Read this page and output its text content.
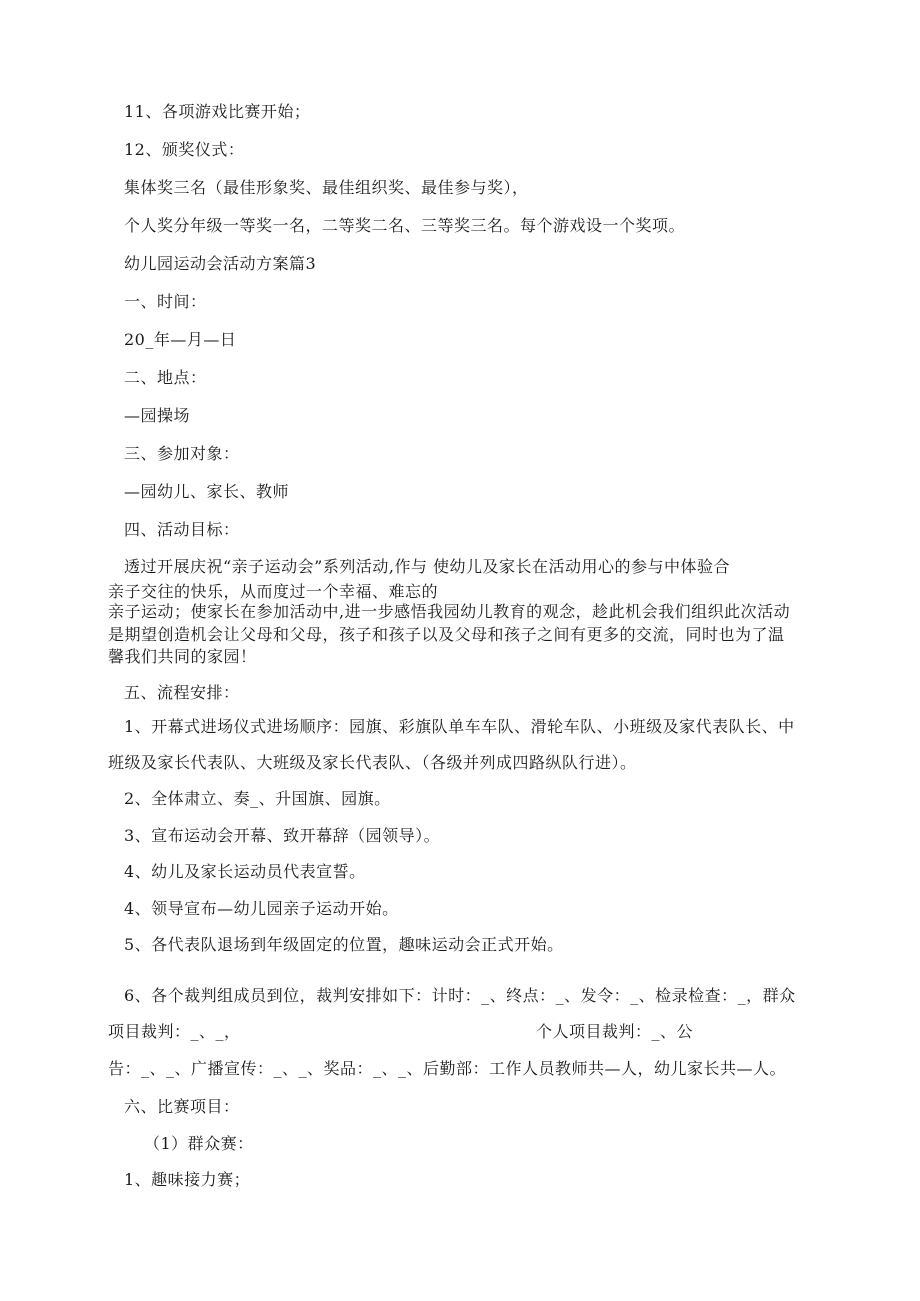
11、各项游戏比赛开始；
12、颁奖仪式：
集体奖三名（最佳形象奖、最佳组织奖、最佳参与奖），
个人奖分年级一等奖一名，二等奖二名、三等奖三名。每个游戏设一个奖项。
幼儿园运动会活动方案篇3
一、时间：
20_年—月—日
二、地点：
—园操场
三、参加对象：
—园幼儿、家长、教师
四、活动目标：
透过开展庆祝“亲子运动会”系列活动,作与 使幼儿及家长在活动用心的参与中体验合
亲子交往的快乐，从而度过一个幸福、难忘的
亲子运动；使家长在参加活动中,进一步感悟我园幼儿教育的观念，趁此机会我们组织此次活动
是期望创造机会让父母和父母，孩子和孩子以及父母和孩子之间有更多的交流，同时也为了温
馨我们共同的家园！
五、流程安排：
1、开幕式进场仪式进场顺序：园旗、彩旗队单车车队、滑轮车队、小班级及家代表队长、中
班级及家长代表队、大班级及家长代表队、（各级并列成四路纵队行进）。
2、全体肃立、奏_、升国旗、园旗。
3、宣布运动会开幕、致开幕辞（园领导）。
4、幼儿及家长运动员代表宣誓。
4、领导宣布—幼儿园亲子运动开始。
5、各代表队退场到年级固定的位置，趣味运动会正式开始。
6、各个裁判组成员到位，裁判安排如下：计时：_、终点：_、发令：_、检录检查：_，群众
项目裁判：_、_，	个人项目裁判：_、公
告：_、_、广播宣传：_、_、奖品：_、_、后勤部：工作人员教师共—人，幼儿家长共—人。
六、比赛项目：
（1）群众赛：
1、趣味接力赛；
